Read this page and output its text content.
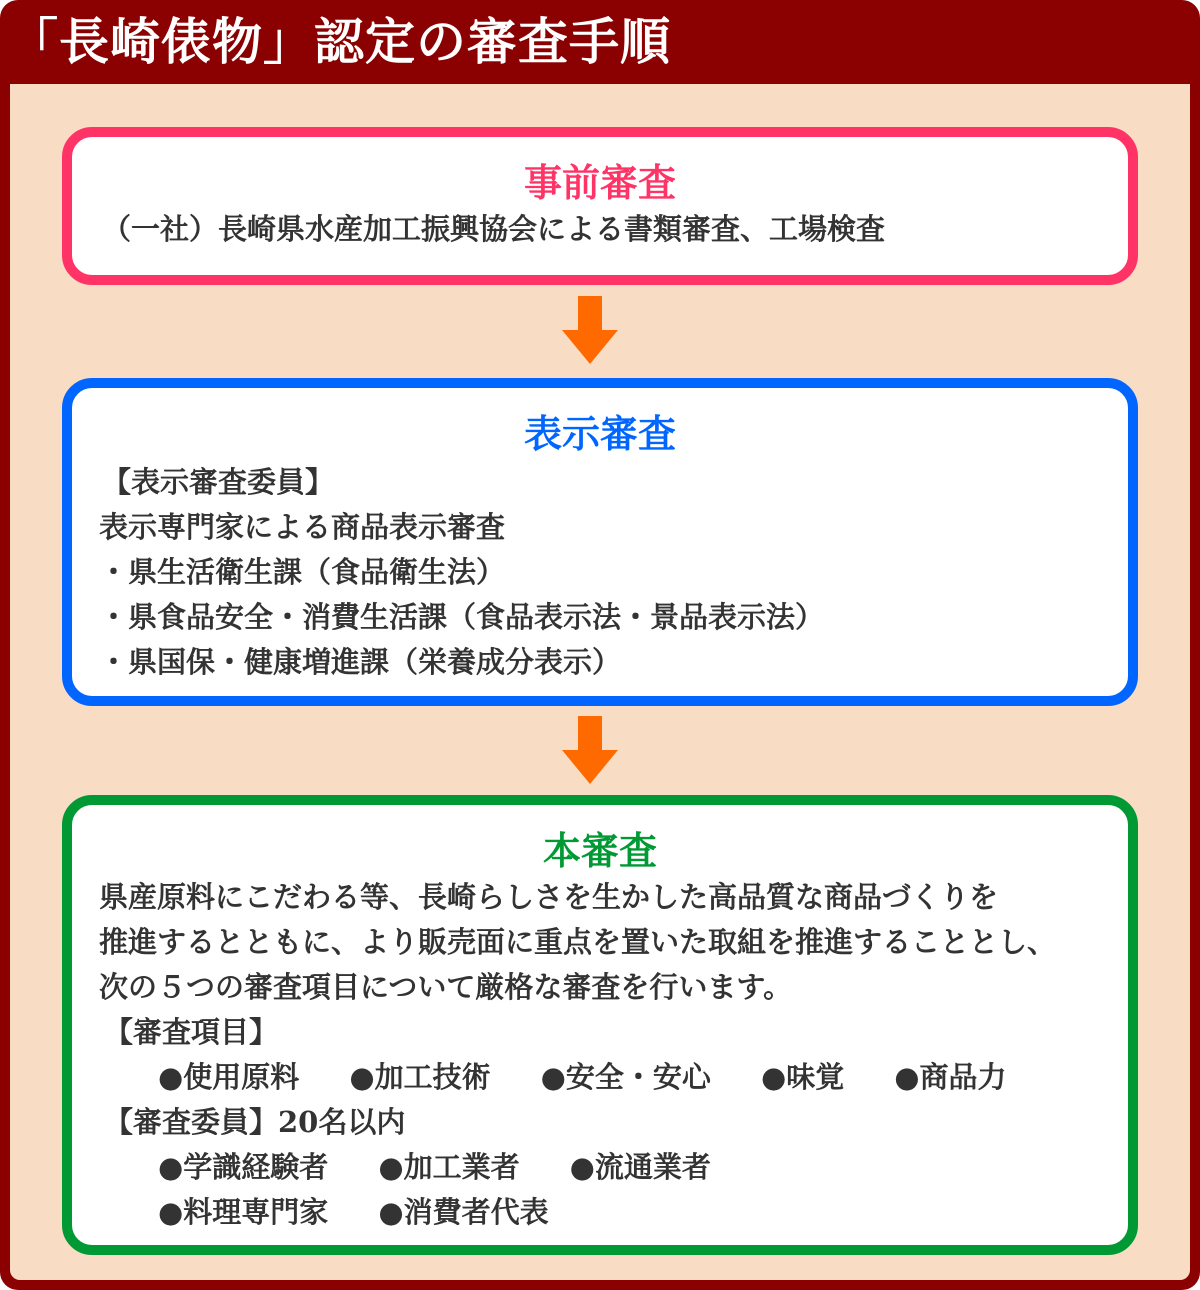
「長崎俵物」認定の審査手順
事前審査
（一社）長崎県水産加工振興協会による書類審査、工場検査
表示審査
【表示審査委員】
表示専門家による商品表示審査
・県生活衛生課（食品衛生法）
・県食品安全・消費生活課（食品表示法・景品表示法）
・県国保・健康増進課（栄養成分表示）
本審査
県産原料にこだわる等、長崎らしさを生かした高品質な商品づくりを
推進するとともに、より販売面に重点を置いた取組を推進することとし、
次の５つの審査項目について厳格な審査を行います。
【審査項目】
●使用原料 ●加工技術 ●安全・安心 ●味覚 ●商品力
【審査委員】20名以内
●学識経験者 ●加工業者 ●流通業者
●料理専門家 ●消費者代表
